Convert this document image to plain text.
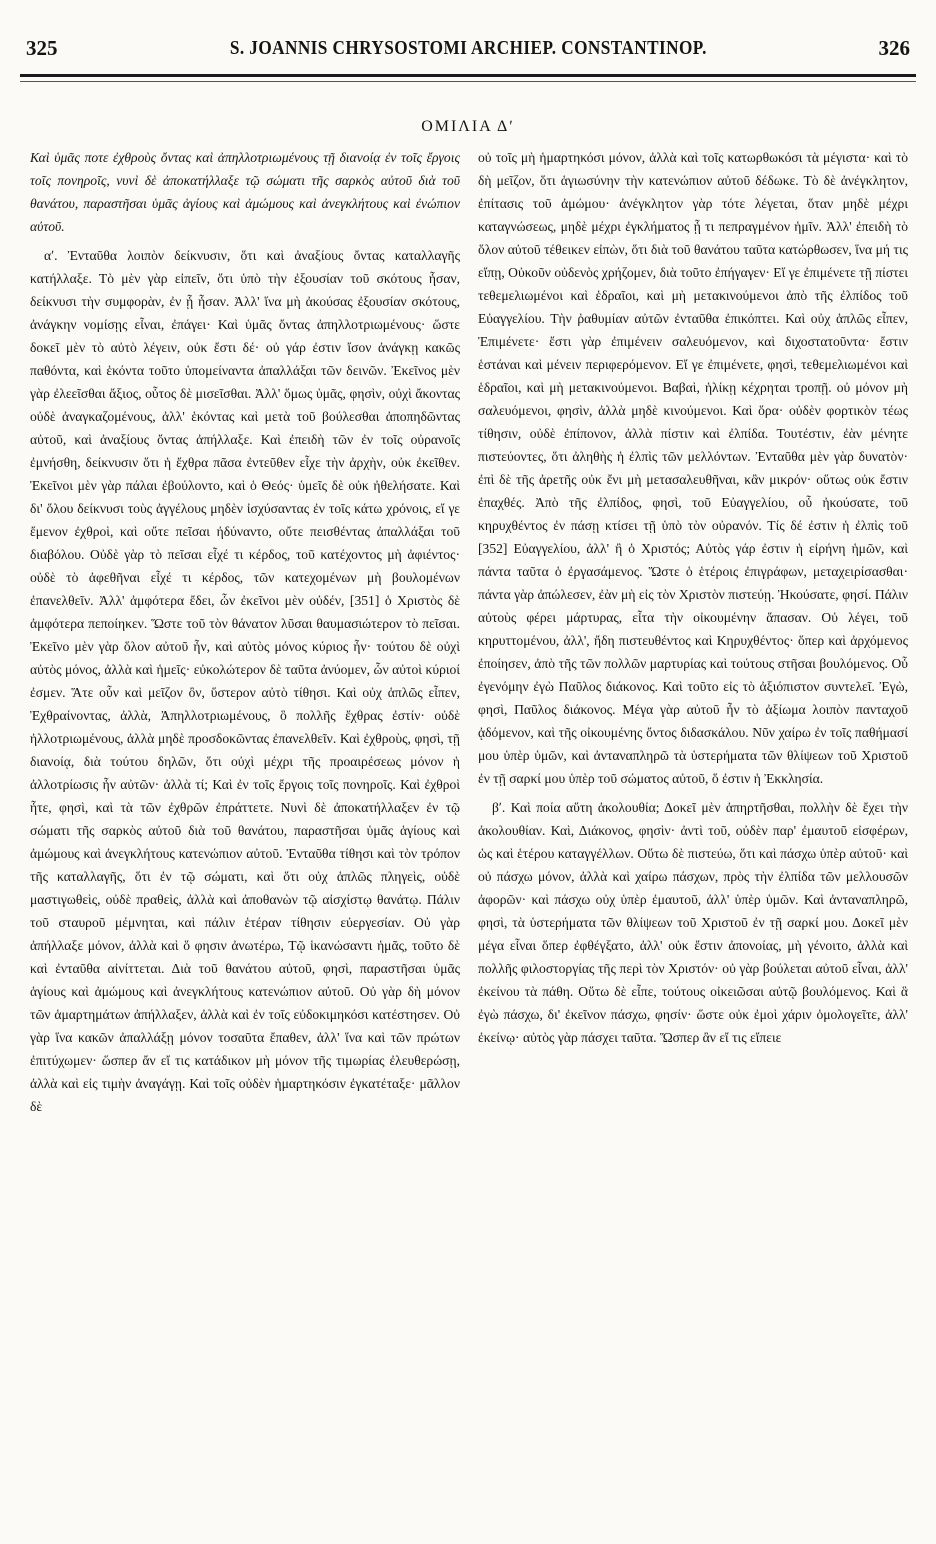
325	S. JOANNIS CHRYSOSTOMI ARCHIEP. CONSTANTINOP.	326
ΟΜΙΛΙΑ Δʹ

Καὶ ὑμᾶς ποτε ἐχθροὺς ὄντας καὶ ἀπηλλοτριωμένους τῇ διανοίᾳ ἐν τοῖς ἔργοις τοῖς πονηροῖς, νυνὶ δὲ ἀποκατήλλαξε τῷ σώματι τῆς σαρκὸς αὐτοῦ διὰ τοῦ θανάτου, παραστῆσαι ὑμᾶς ἁγίους καὶ ἀμώμους καὶ ἀνεγκλήτους καὶ ἐνώπιον αὐτοῦ.

αʹ. Ἐνταῦθα λοιπὸν δείκνυσιν, ὅτι καὶ ἀναξίους ὄντας καταλλαγῆς κατήλλαξε. Τὸ μὲν γὰρ εἰπεῖν, ὅτι ὑπὸ τὴν ἐξουσίαν τοῦ σκότους ἦσαν, δείκνυσι τὴν συμφορὰν, ἐν ᾗ ἦσαν. Ἀλλ' ἵνα μὴ ἀκούσας ἐξουσίαν σκότους, ἀνάγκην νομίσῃς εἶναι, ἐπάγει· Καὶ ὑμᾶς ὄντας ἀπηλλοτριωμένους· ὥστε δοκεῖ μὲν τὸ αὐτὸ λέγειν, οὐκ ἔστι δέ· οὐ γάρ ἐστιν ἴσον ἀνάγκῃ κακῶς παθόντα, καὶ ἑκόντα τοῦτο ὑπομείναντα ἀπαλλάξαι τῶν δεινῶν. Ἐκεῖνος μὲν γὰρ ἐλεεῖσθαι ἄξιος, οὗτος δὲ μισεῖσθαι. Ἀλλ' ὅμως ὑμᾶς, φησὶν, οὐχὶ ἄκοντας οὐδὲ ἀναγκαζομένους, ἀλλ' ἑκόντας καὶ μετὰ τοῦ βούλεσθαι ἀποπηδῶντας αὐτοῦ, καὶ ἀναξίους ὄντας ἀπήλλαξε. Καὶ ἐπειδὴ τῶν ἐν τοῖς οὐρανοῖς ἐμνήσθη, δείκνυσιν ὅτι ἡ ἔχθρα πᾶσα ἐντεῦθεν εἶχε τὴν ἀρχὴν, οὐκ ἐκεῖθεν. Ἐκεῖνοι μὲν γὰρ πάλαι ἐβούλοντο, καὶ ὁ Θεός· ὑμεῖς δὲ οὐκ ἠθελήσατε. Καὶ δι' ὅλου δείκνυσι τοὺς ἀγγέλους μηδὲν ἰσχύσαντας ἐν τοῖς κάτω χρόνοις, εἴ γε ἔμενον ἐχθροὶ, καὶ οὔτε πεῖσαι ἠδύναντο, οὔτε πεισθέντας ἀπαλλάξαι τοῦ διαβόλου. Οὐδὲ γὰρ τὸ πεῖσαι εἶχέ τι κέρδος, τοῦ κατέχοντος μὴ ἀφιέντος· οὐδὲ τὸ ἀφεθῆναι εἶχέ τι κέρδος, τῶν κατεχομένων μὴ βουλομένων ἐπανελθεῖν. Ἀλλ' ἀμφότερα ἔδει, ὧν ἐκεῖνοι μὲν οὐδέν, [351] ὁ Χριστὸς δὲ ἀμφότερα πεποίηκεν. Ὥστε τοῦ τὸν θάνατον λῦσαι θαυμασιώτερον τὸ πεῖσαι. Ἐκεῖνο μὲν γὰρ ὅλον αὐτοῦ ἦν, καὶ αὐτὸς μόνος κύριος ἦν· τούτου δὲ οὐχὶ αὐτὸς μόνος, ἀλλὰ καὶ ἡμεῖς· εὐκολώτερον δὲ ταῦτα ἀνύομεν, ὧν αὐτοὶ κύριοί ἐσμεν. Ἅτε οὖν καὶ μεῖζον ὂν, ὕστερον αὐτὸ τίθησι. Καὶ οὐχ ἁπλῶς εἶπεν, Ἐχθραίνοντας, ἀλλὰ, Ἀπηλλοτριωμένους, ὃ πολλῆς ἔχθρας ἐστίν· οὐδὲ ἠλλοτριωμένους, ἀλλὰ μηδὲ προσδοκῶντας ἐπανελθεῖν. Καὶ ἐχθροὺς, φησὶ, τῇ διανοίᾳ, διὰ τούτου δηλῶν, ὅτι οὐχὶ μέχρι τῆς προαιρέσεως μόνον ἡ ἀλλοτρίωσις ἦν αὐτῶν· ἀλλὰ τί; Καὶ ἐν τοῖς ἔργοις τοῖς πονηροῖς. Καὶ ἐχθροὶ ἦτε, φησὶ, καὶ τὰ τῶν ἐχθρῶν ἐπράττετε. Νυνὶ δὲ ἀποκατήλλαξεν ἐν τῷ σώματι τῆς σαρκὸς αὐτοῦ διὰ τοῦ θανάτου, παραστῆσαι ὑμᾶς ἁγίους καὶ ἀμώμους καὶ ἀνεγκλήτους κατενώπιον αὐτοῦ. Ἐνταῦθα τίθησι καὶ τὸν τρόπον τῆς καταλλαγῆς, ὅτι ἐν τῷ σώματι, καὶ ὅτι οὐχ ἁπλῶς πληγεὶς, οὐδὲ μαστιγωθεὶς, οὐδὲ πραθεὶς, ἀλλὰ καὶ ἀποθανὼν τῷ αἰσχίστῳ θανάτῳ. Πάλιν τοῦ σταυροῦ μέμνηται, καὶ πάλιν ἑτέραν τίθησιν εὐεργεσίαν. Οὐ γὰρ ἀπήλλαξε μόνον, ἀλλὰ καὶ ὅ φησιν ἀνωτέρω, Τῷ ἱκανώσαντι ἡμᾶς, τοῦτο δὲ καὶ ἐνταῦθα αἰνίττεται. Διὰ τοῦ θανάτου αὐτοῦ, φησὶ, παραστῆσαι ὑμᾶς ἁγίους καὶ ἀμώμους καὶ ἀνεγκλήτους κατενώπιον αὐτοῦ. Οὐ γὰρ δὴ μόνον τῶν ἁμαρτημάτων ἀπήλλαξεν, ἀλλὰ καὶ ἐν τοῖς εὐδοκιμηκόσι κατέστησεν. Οὐ γὰρ ἵνα κακῶν ἀπαλλάξῃ μόνον τοσαῦτα ἔπαθεν, ἀλλ' ἵνα καὶ τῶν πρώτων ἐπιτύχωμεν· ὥσπερ ἄν εἴ τις κατάδικον μὴ μόνον τῆς τιμωρίας ἐλευθερώσῃ, ἀλλὰ καὶ εἰς τιμὴν ἀναγάγῃ. Καὶ τοῖς οὐδὲν ἡμαρτηκόσιν ἐγκατέταξε· μᾶλλον δὲ

οὐ τοῖς μὴ ἡμαρτηκόσι μόνον, ἀλλὰ καὶ τοῖς κατωρθωκόσι τὰ μέγιστα· καὶ τὸ δὴ μεῖζον, ὅτι ἁγιωσύνην τὴν κατενώπιον αὐτοῦ δέδωκε. Τὸ δὲ ἀνέγκλητον, ἐπίτασις τοῦ ἀμώμου· ἀνέγκλητον γὰρ τότε λέγεται, ὅταν μηδὲ μέχρι καταγνώσεως, μηδὲ μέχρι ἐγκλήματος ᾖ τι πεπραγμένον ἡμῖν. Ἀλλ' ἐπειδὴ τὸ ὅλον αὐτοῦ τέθεικεν εἰπὼν, ὅτι διὰ τοῦ θανάτου ταῦτα κατώρθωσεν, ἵνα μή τις εἴπῃ, Οὐκοῦν οὐδενὸς χρήζομεν, διὰ τοῦτο ἐπήγαγεν· Εἴ γε ἐπιμένετε τῇ πίστει τεθεμελιωμένοι καὶ ἑδραῖοι, καὶ μὴ μετακινούμενοι ἀπὸ τῆς ἐλπίδος τοῦ Εὐαγγελίου. Τὴν ῥαθυμίαν αὐτῶν ἐνταῦθα ἐπικόπτει. Καὶ οὐχ ἁπλῶς εἶπεν, Ἐπιμένετε· ἔστι γὰρ ἐπιμένειν σαλευόμενον, καὶ διχοστατοῦντα· ἔστιν ἑστάναι καὶ μένειν περιφερόμενον. Εἴ γε ἐπιμένετε, φησὶ, τεθεμελιωμένοι καὶ ἑδραῖοι, καὶ μὴ μετακινούμενοι. Βαβαὶ, ἡλίκῃ κέχρηται τροπῇ. οὐ μόνον μὴ σαλευόμενοι, φησὶν, ἀλλὰ μηδὲ κινούμενοι. Καὶ ὅρα· οὐδὲν φορτικὸν τέως τίθησιν, οὐδὲ ἐπίπονον, ἀλλὰ πίστιν καὶ ἐλπίδα. Τουτέστιν, ἐὰν μένητε πιστεύοντες, ὅτι ἀληθὴς ἡ ἐλπὶς τῶν μελλόντων. Ἐνταῦθα μὲν γὰρ δυνατὸν· ἐπὶ δὲ τῆς ἀρετῆς οὐκ ἔνι μὴ μετασαλευθῆναι, κἂν μικρόν· οὕτως οὐκ ἔστιν ἐπαχθές. Ἀπὸ τῆς ἐλπίδος, φησὶ, τοῦ Εὐαγγελίου, οὗ ἠκούσατε, τοῦ κηρυχθέντος ἐν πάσῃ κτίσει τῇ ὑπὸ τὸν οὐρανόν. Τίς δέ ἐστιν ἡ ἐλπὶς τοῦ [352] Εὐαγγελίου, ἀλλ' ἢ ὁ Χριστός; Αὐτὸς γάρ ἐστιν ἡ εἰρήνη ἡμῶν, καὶ πάντα ταῦτα ὁ ἐργασάμενος. Ὥστε ὁ ἑτέροις ἐπιγράφων, μεταχειρίσασθαι· πάντα γὰρ ἀπώλεσεν, ἐὰν μὴ εἰς τὸν Χριστὸν πιστεύῃ. Ἠκούσατε, φησί. Πάλιν αὐτοὺς φέρει μάρτυρας, εἶτα τὴν οἰκουμένην ἅπασαν. Οὐ λέγει, τοῦ κηρυττομένου, ἀλλ', ἤδη πιστευθέντος καὶ Κηρυχθέντος· ὅπερ καὶ ἀρχόμενος ἐποίησεν, ἀπὸ τῆς τῶν πολλῶν μαρτυρίας καὶ τούτους στῆσαι βουλόμενος. Οὗ ἐγενόμην ἐγὼ Παῦλος διάκονος. Καὶ τοῦτο εἰς τὸ ἀξιόπιστον συντελεῖ. Ἐγὼ, φησὶ, Παῦλος διάκονος. Μέγα γὰρ αὐτοῦ ἦν τὸ ἀξίωμα λοιπὸν πανταχοῦ ᾀδόμενον, καὶ τῆς οἰκουμένης ὄντος διδασκάλου. Νῦν χαίρω ἐν τοῖς παθήμασί μου ὑπὲρ ὑμῶν, καὶ ἀνταναπληρῶ τὰ ὑστερήματα τῶν θλίψεων τοῦ Χριστοῦ ἐν τῇ σαρκί μου ὑπὲρ τοῦ σώματος αὐτοῦ, ὅ ἐστιν ἡ Ἐκκλησία.

βʹ. Καὶ ποία αὕτη ἀκολουθία; Δοκεῖ μὲν ἀπηρτῆσθαι, πολλὴν δὲ ἔχει τὴν ἀκολουθίαν. Καὶ, Διάκονος, φησὶν· ἀντὶ τοῦ, οὐδὲν παρ' ἐμαυτοῦ εἰσφέρων, ὡς καὶ ἑτέρου καταγγέλλων. Οὕτω δὲ πιστεύω, ὅτι καὶ πάσχω ὑπὲρ αὐτοῦ· καὶ οὐ πάσχω μόνον, ἀλλὰ καὶ χαίρω πάσχων, πρὸς τὴν ἐλπίδα τῶν μελλουσῶν ἀφορῶν· καὶ πάσχω οὐχ ὑπὲρ ἐμαυτοῦ, ἀλλ' ὑπὲρ ὑμῶν. Καὶ ἀνταναπληρῶ, φησὶ, τὰ ὑστερήματα τῶν θλίψεων τοῦ Χριστοῦ ἐν τῇ σαρκί μου. Δοκεῖ μὲν μέγα εἶναι ὅπερ ἐφθέγξατο, ἀλλ' οὐκ ἔστιν ἀπονοίας, μὴ γένοιτο, ἀλλὰ καὶ πολλῆς φιλοστοργίας τῆς περὶ τὸν Χριστόν· οὐ γὰρ βούλεται αὐτοῦ εἶναι, ἀλλ' ἐκείνου τὰ πάθη. Οὕτω δὲ εἶπε, τούτους οἰκειῶσαι αὐτῷ βουλόμενος. Καὶ ἃ ἐγὼ πάσχω, δι' ἐκεῖνον πάσχω, φησίν· ὥστε οὐκ ἐμοὶ χάριν ὁμολογεῖτε, ἀλλ' ἐκείνῳ· αὐτὸς γὰρ πάσχει ταῦτα. Ὥσπερ ἂν εἴ τις εἴπειε
